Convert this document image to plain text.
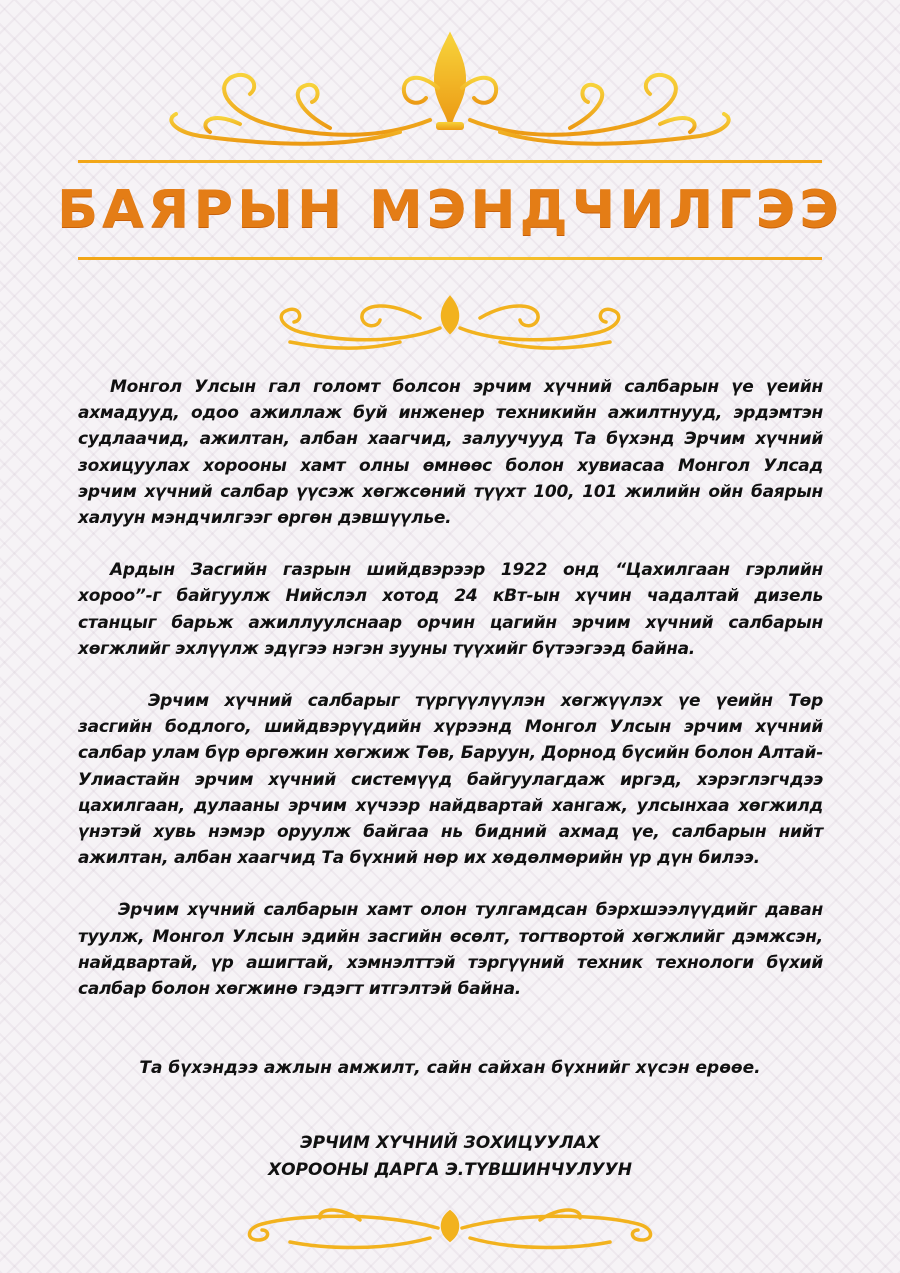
БАЯРЫН МЭНДЧИЛГЭЭ

Монгол Улсын гал голомт болсон эрчим хүчний салбарын үе үеийн ахмадууд, одоо ажиллаж буй инженер техникийн ажилтнууд, эрдэмтэн судлаачид, ажилтан, албан хаагчид, залуучууд Та бүхэнд Эрчим хүчний зохицуулах хорооны хамт олны өмнөөс болон хувиасаа Монгол Улсад эрчим хүчний салбар үүсэж хөгжсөний түүхт 100, 101 жилийн ойн баярын халуун мэндчилгээг өргөн дэвшүүлье.

Ардын Засгийн газрын шийдвэрээр 1922 онд “Цахилгаан гэрлийн хороо”-г байгуулж Нийслэл хотод 24 кВт-ын хүчин чадалтай дизель станцыг барьж ажиллуулснаар орчин цагийн эрчим хүчний салбарын хөгжлийг эхлүүлж эдүгээ нэгэн зууны түүхийг бүтээгээд байна.

Эрчим хүчний салбарыг түргүүлүүлэн хөгжүүлэх үе үеийн Төр засгийн бодлого, шийдвэрүүдийн хүрээнд Монгол Улсын эрчим хүчний салбар улам бүр өргөжин хөгжиж Төв, Баруун, Дорнод бүсийн болон Алтай-Улиастайн эрчим хүчний системүүд байгуулагдаж иргэд, хэрэглэгчдээ цахилгаан, дулааны эрчим хүчээр найдвартай хангаж, улсынхаа хөгжилд үнэтэй хувь нэмэр оруулж байгаа нь бидний ахмад үе, салбарын нийт ажилтан, албан хаагчид Та бүхний нөр их хөдөлмөрийн үр дүн билээ.

Эрчим хүчний салбарын хамт олон тулгамдсан бэрхшээлүүдийг даван туулж, Монгол Улсын эдийн засгийн өсөлт, тогтвортой хөгжлийг дэмжсэн, найдвартай, үр ашигтай, хэмнэлттэй тэргүүний техник технологи бүхий салбар болон хөгжинө гэдэгт итгэлтэй байна.

Та бүхэндээ ажлын амжилт, сайн сайхан бүхнийг хүсэн ерөөе.
ЭРЧИМ ХҮЧНИЙ ЗОХИЦУУЛАХ
ХОРООНЫ ДАРГА Э.ТҮВШИНЧУЛУУН
